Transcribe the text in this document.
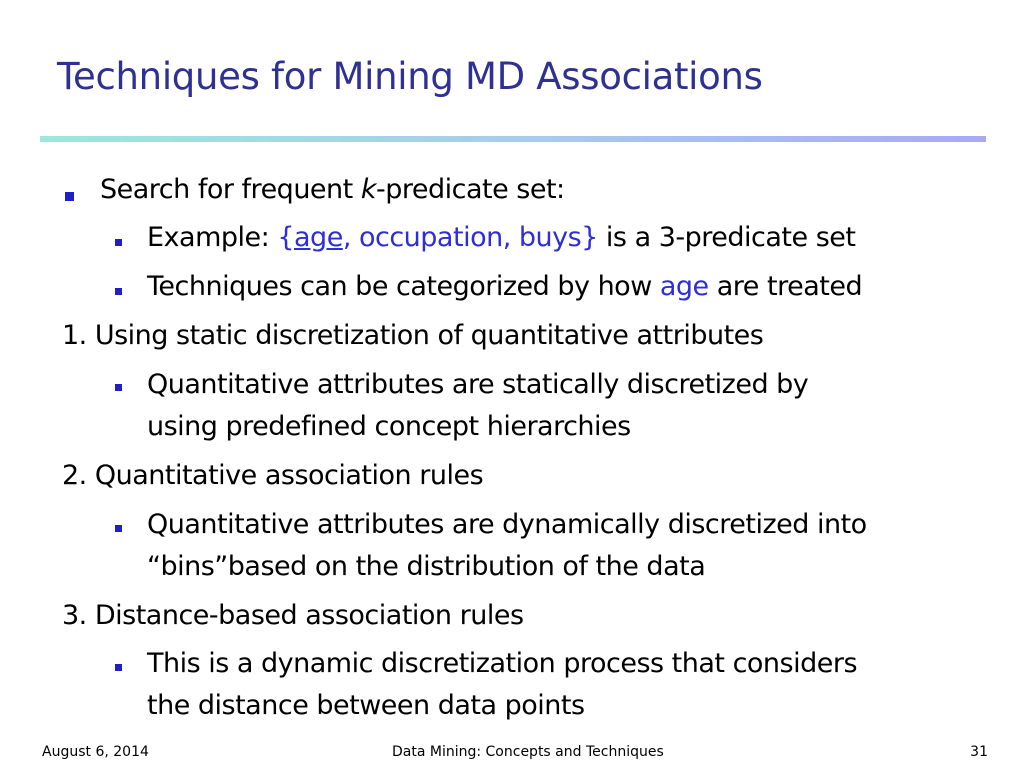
Techniques for Mining MD Associations
Search for frequent k-predicate set:
Example: {age, occupation, buys} is a 3-predicate set
Techniques can be categorized by how age are treated
1. Using static discretization of quantitative attributes
Quantitative attributes are statically discretized by
using predefined concept hierarchies
2. Quantitative association rules
Quantitative attributes are dynamically discretized into
“bins”based on the distribution of the data
3. Distance-based association rules
This is a dynamic discretization process that considers
the distance between data points
August 6, 2014	Data Mining: Concepts and Techniques	31
